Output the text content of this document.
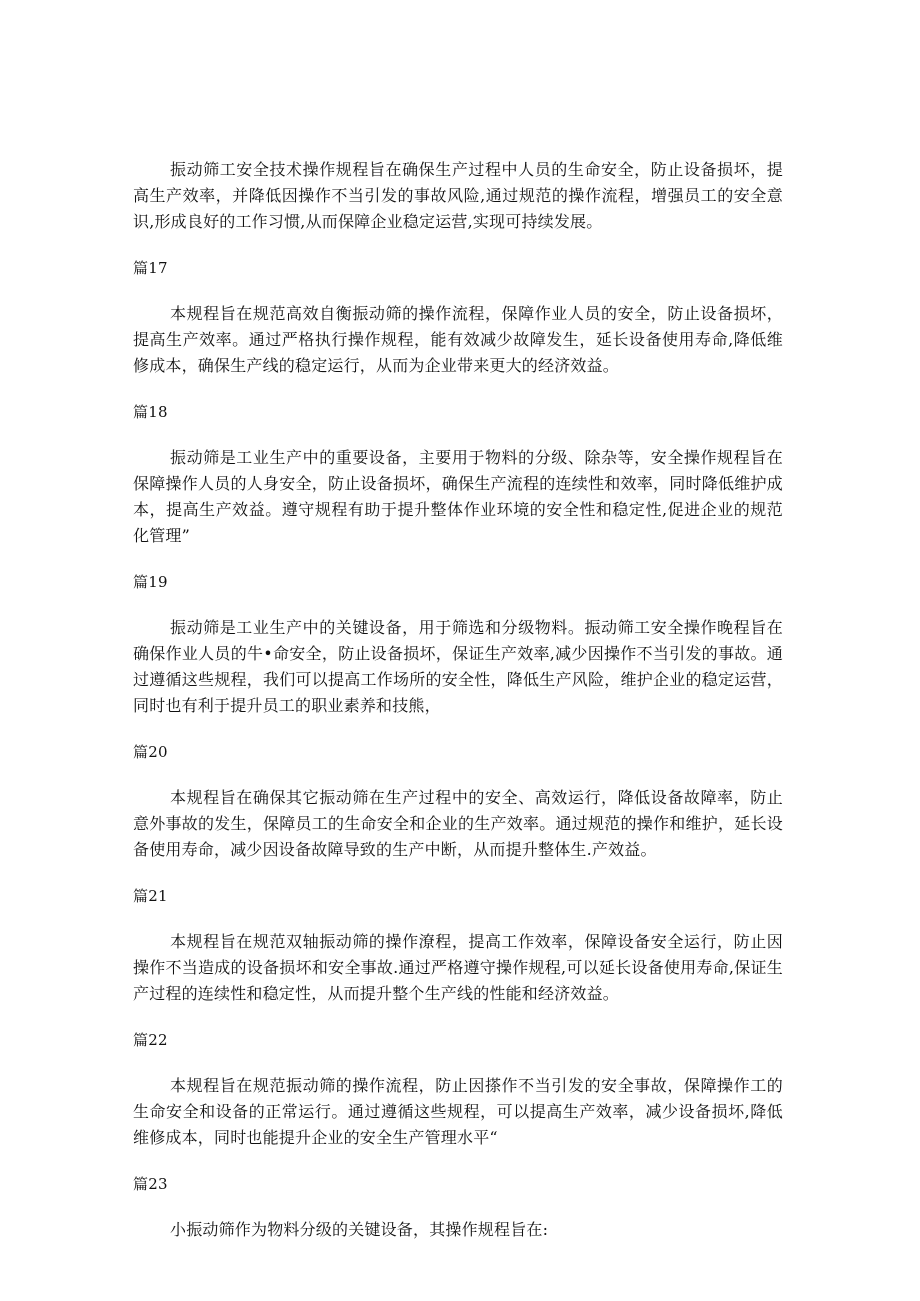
振动筛工安全技术操作规程旨在确保生产过程中人员的生命安全，防止设备损坏，提高生产效率，并降低因操作不当引发的事故风险,通过规范的操作流程，增强员工的安全意识,形成良好的工作习惯,从而保障企业稳定运营,实现可持续发展。

篇17

本规程旨在规范高效自衡振动筛的操作流程，保障作业人员的安全，防止设备损坏，提高生产效率。通过严格执行操作规程，能有效减少故障发生，延长设备使用寿命,降低维修成本，确保生产线的稳定运行，从而为企业带来更大的经济效益。

篇18

振动筛是工业生产中的重要设备，主要用于物料的分级、除杂等，安全操作规程旨在保障操作人员的人身安全，防止设备损坏，确保生产流程的连续性和效率，同时降低维护成本，提高生产效益。遵守规程有助于提升整体作业环境的安全性和稳定性,促进企业的规范化管理”

篇19

振动筛是工业生产中的关键设备，用于筛选和分级物料。振动筛工安全操作晚程旨在确保作业人员的牛•命安全，防止设备损坏，保证生产效率,减少因操作不当引发的事故。通过遵循这些规程，我们可以提高工作场所的安全性，降低生产风险，维护企业的稳定运营，同时也有利于提升员工的职业素养和技熊，

篇20

本规程旨在确保其它振动筛在生产过程中的安全、高效运行，降低设备故障率，防止意外事故的发生，保障员工的生命安全和企业的生产效率。通过规范的操作和维护，延长设备使用寿命，减少因设备故障导致的生产中断，从而提升整体生.产效益。

篇21

本规程旨在规范双轴振动筛的操作潦程，提高工作效率，保障设备安全运行，防止因操作不当造成的设备损坏和安全事故.通过严格遵守操作规程,可以延长设备使用寿命,保证生产过程的连续性和稳定性，从而提升整个生产线的性能和经济效益。

篇22

本规程旨在规范振动筛的操作流程，防止因搽作不当引发的安全事故，保障操作工的生命安全和设备的正常运行。通过遵循这些规程，可以提高生产效率，减少设备损坏,降低维修成本，同时也能提升企业的安全生产管理水平“

篇23

小振动筛作为物料分级的关键设备，其操作规程旨在:
